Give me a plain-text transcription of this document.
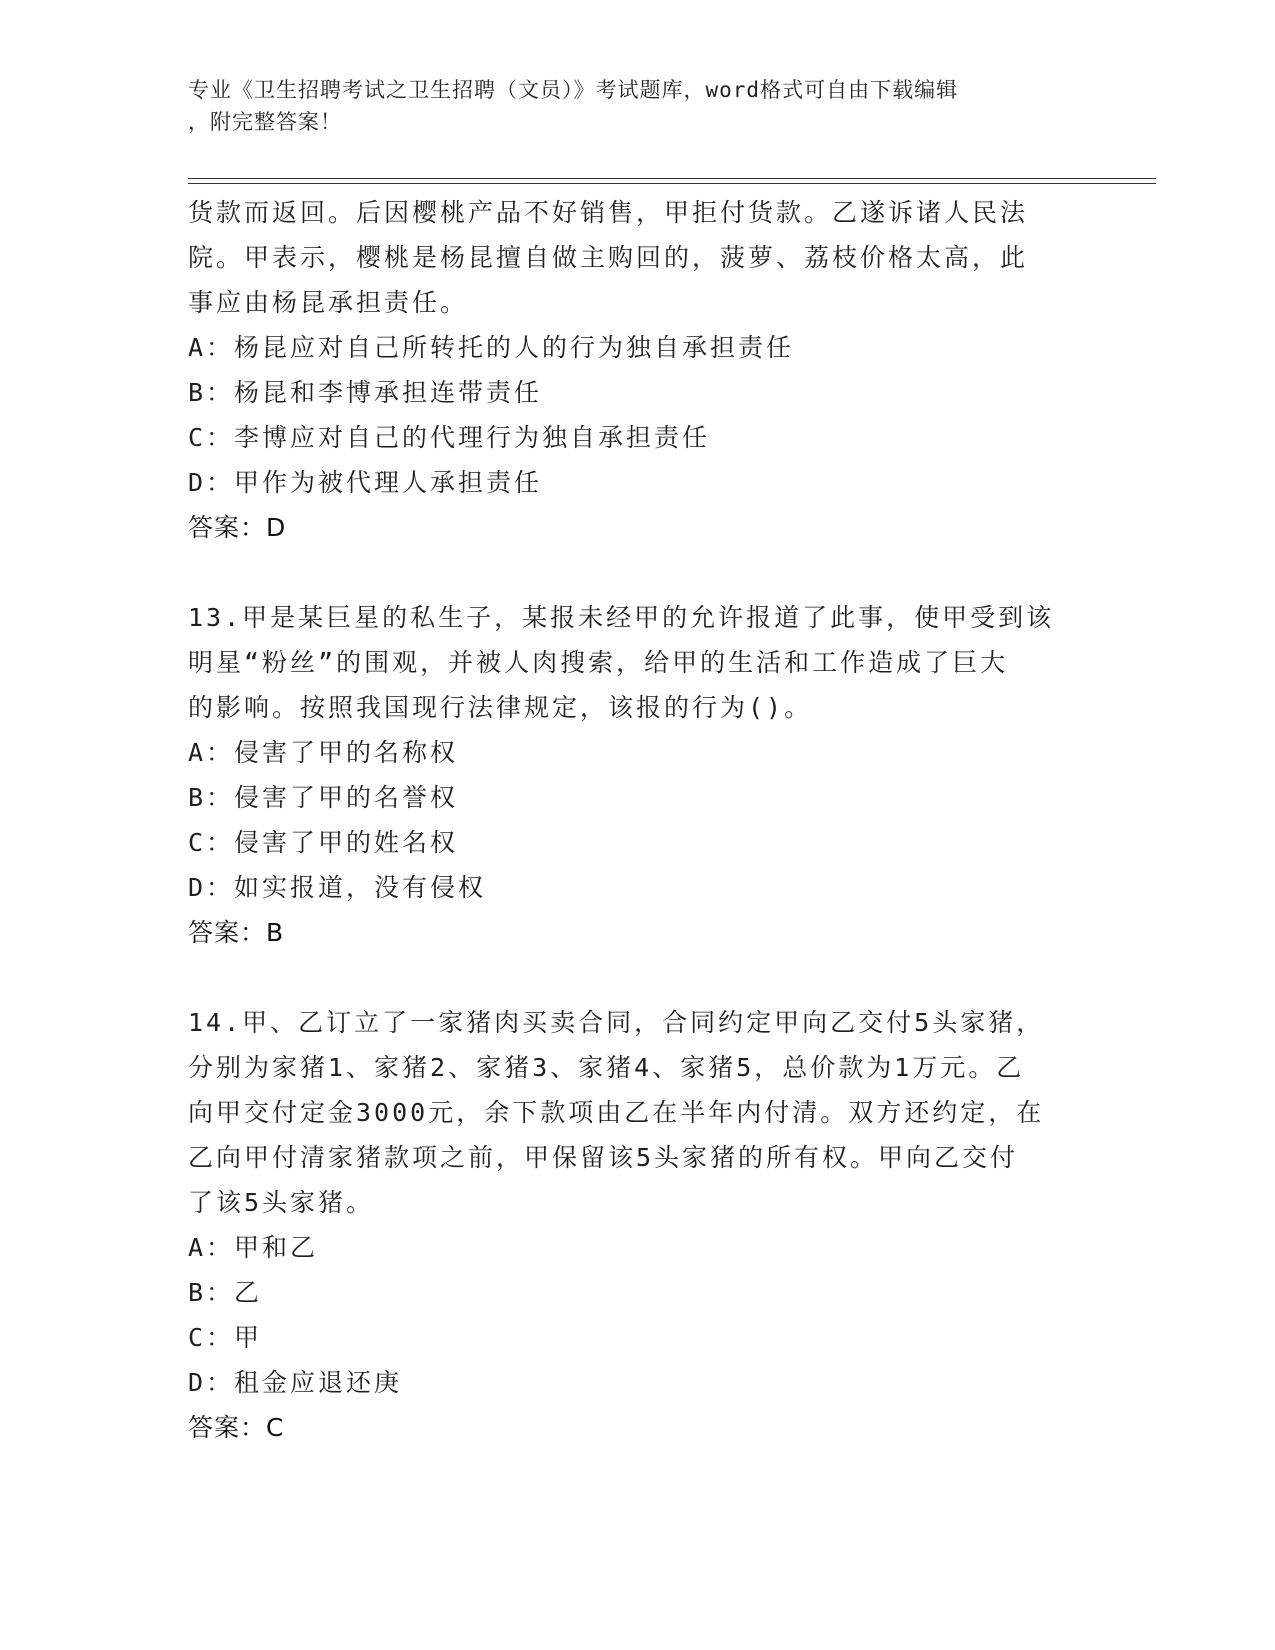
专业《卫生招聘考试之卫生招聘（文员）》考试题库，word格式可自由下载编辑
，附完整答案！

货款而返回。后因樱桃产品不好销售，甲拒付货款。乙遂诉诸人民法

院。甲表示，樱桃是杨昆擅自做主购回的，菠萝、荔枝价格太高，此

事应由杨昆承担责任。

A：杨昆应对自己所转托的人的行为独自承担责任

B：杨昆和李博承担连带责任

C：李博应对自己的代理行为独自承担责任

D：甲作为被代理人承担责任

答案：D

13.甲是某巨星的私生子，某报未经甲的允许报道了此事，使甲受到该

明星“粉丝”的围观，并被人肉搜索，给甲的生活和工作造成了巨大

的影响。按照我国现行法律规定，该报的行为()。

A：侵害了甲的名称权

B：侵害了甲的名誉权

C：侵害了甲的姓名权

D：如实报道，没有侵权

答案：B

14.甲、乙订立了一家猪肉买卖合同，合同约定甲向乙交付5头家猪，

分别为家猪1、家猪2、家猪3、家猪4、家猪5，总价款为1万元。乙

向甲交付定金3000元，余下款项由乙在半年内付清。双方还约定，在

乙向甲付清家猪款项之前，甲保留该5头家猪的所有权。甲向乙交付

了该5头家猪。

A：甲和乙

B：乙

C：甲

D：租金应退还庚

答案：C
